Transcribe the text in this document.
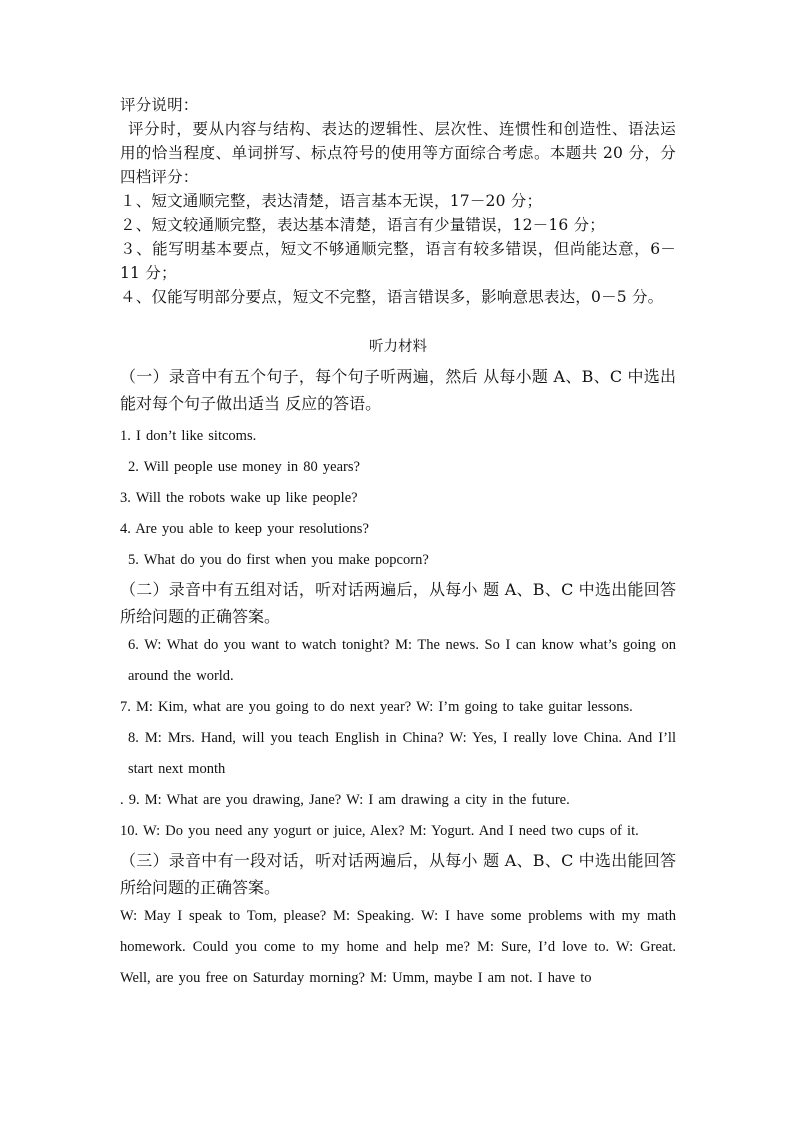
评分说明：

评分时，要从内容与结构、表达的逻辑性、层次性、连惯性和创造性、语法运用的恰当程度、单词拼写、标点符号的使用等方面综合考虑。本题共 20 分，分四档评分：

１、短文通顺完整，表达清楚，语言基本无误，17－20 分；

２、短文较通顺完整，表达基本清楚，语言有少量错误，12－16 分；

３、能写明基本要点，短文不够通顺完整，语言有较多错误，但尚能达意，6－11 分；

４、仅能写明部分要点，短文不完整，语言错误多，影响意思表达，0－5 分。

听力材料

（一）录音中有五个句子，每个句子听两遍，然后 从每小题 A、B、C 中选出能对每个句子做出适当 反应的答语。

1. I don’t like sitcoms.

2. Will people use money in 80 years?

3. Will the robots wake up like people?

4. Are you able to keep your resolutions?

5. What do you do first when you make popcorn?

（二）录音中有五组对话，听对话两遍后，从每小 题 A、B、C 中选出能回答所给问题的正确答案。

6. W: What do you want to watch tonight? M: The news. So I can know what’s going on around the world.

7. M: Kim, what are you going to do next year? W: I’m going to take guitar lessons.

8. M: Mrs. Hand, will you teach English in China? W: Yes, I really love China. And I’ll start next month

. 9. M: What are you drawing, Jane? W: I am drawing a city in the future.

10. W: Do you need any yogurt or juice, Alex? M: Yogurt. And I need two cups of it.

（三）录音中有一段对话，听对话两遍后，从每小 题 A、B、C 中选出能回答所给问题的正确答案。

W: May I speak to Tom, please? M: Speaking. W: I have some problems with my math homework. Could you come to my home and help me? M: Sure, I’d love to. W: Great. Well, are you free on Saturday morning? M: Umm, maybe I am not. I have to
